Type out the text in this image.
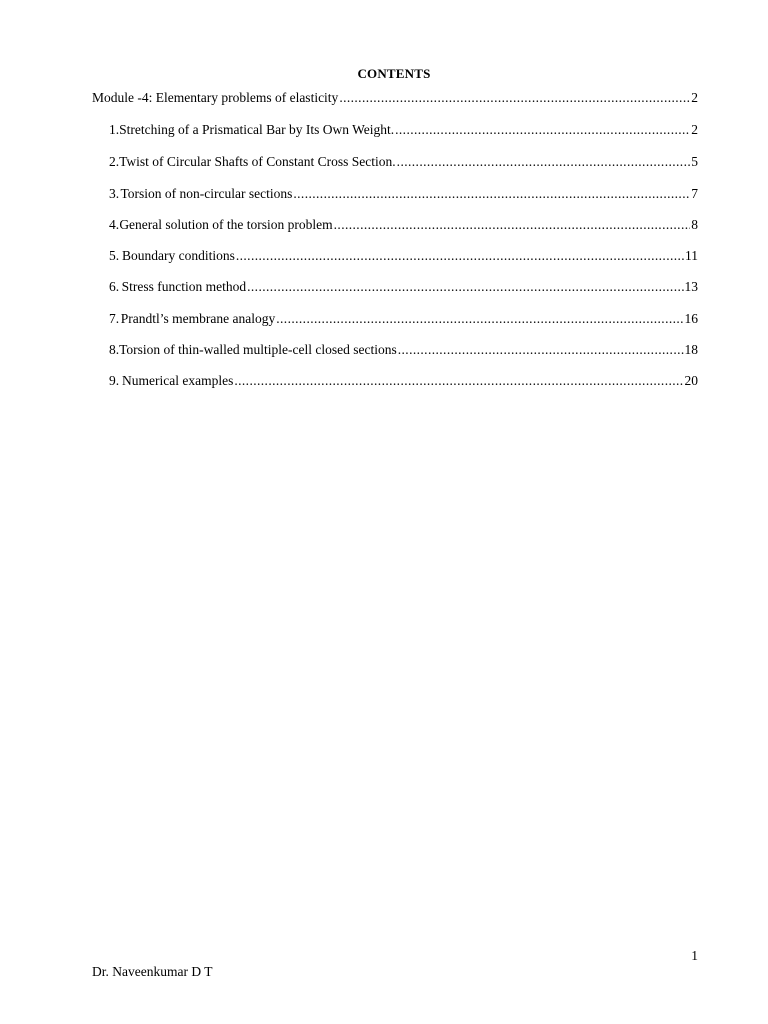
CONTENTS
Module -4: Elementary problems of elasticity .....	2
1. Stretching of a Prismatical Bar by Its Own Weight. .....	2
2. Twist of Circular Shafts of Constant Cross Section. .....	5
3. Torsion of non-circular sections .....	7
4. General solution of the torsion problem .....	8
5. Boundary conditions .....	11
6. Stress function method .....	13
7. Prandtl’s membrane analogy .....	16
8. Torsion of thin-walled multiple-cell closed sections .....	18
9. Numerical examples .....	20
1
Dr. Naveenkumar D T
